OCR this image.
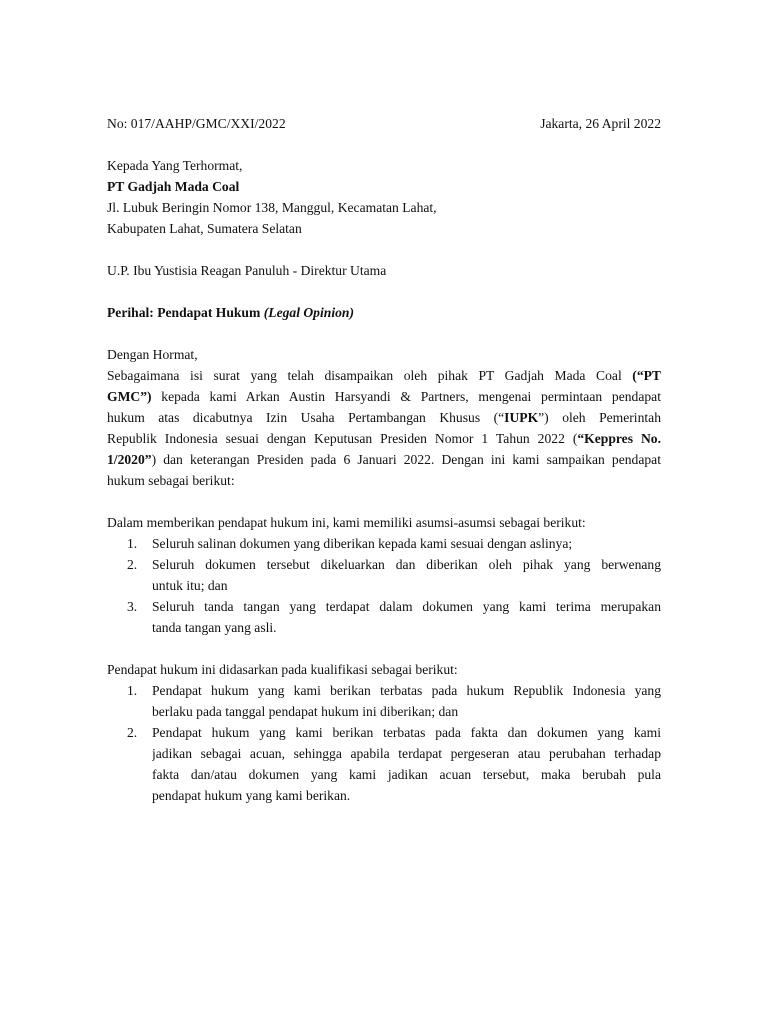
No: 017/AAHP/GMC/XXI/2022	Jakarta, 26 April 2022
Kepada Yang Terhormat,
PT Gadjah Mada Coal
Jl. Lubuk Beringin Nomor 138, Manggul, Kecamatan Lahat,
Kabupaten Lahat, Sumatera Selatan
U.P. Ibu Yustisia Reagan Panuluh - Direktur Utama
Perihal: Pendapat Hukum (Legal Opinion)
Dengan Hormat,
Sebagaimana isi surat yang telah disampaikan oleh pihak PT Gadjah Mada Coal (“PT
GMC”) kepada kami Arkan Austin Harsyandi & Partners, mengenai permintaan pendapat
hukum atas dicabutnya Izin Usaha Pertambangan Khusus (“IUPK”) oleh Pemerintah
Republik Indonesia sesuai dengan Keputusan Presiden Nomor 1 Tahun 2022 (“Keppres No.
1/2020”) dan keterangan Presiden pada 6 Januari 2022. Dengan ini kami sampaikan pendapat
hukum sebagai berikut:
Dalam memberikan pendapat hukum ini, kami memiliki asumsi-asumsi sebagai berikut:
1. Seluruh salinan dokumen yang diberikan kepada kami sesuai dengan aslinya;
2. Seluruh dokumen tersebut dikeluarkan dan diberikan oleh pihak yang berwenang
untuk itu; dan
3. Seluruh tanda tangan yang terdapat dalam dokumen yang kami terima merupakan
tanda tangan yang asli.
Pendapat hukum ini didasarkan pada kualifikasi sebagai berikut:
1. Pendapat hukum yang kami berikan terbatas pada hukum Republik Indonesia yang
berlaku pada tanggal pendapat hukum ini diberikan; dan
2. Pendapat hukum yang kami berikan terbatas pada fakta dan dokumen yang kami
jadikan sebagai acuan, sehingga apabila terdapat pergeseran atau perubahan terhadap
fakta dan/atau dokumen yang kami jadikan acuan tersebut, maka berubah pula
pendapat hukum yang kami berikan.
